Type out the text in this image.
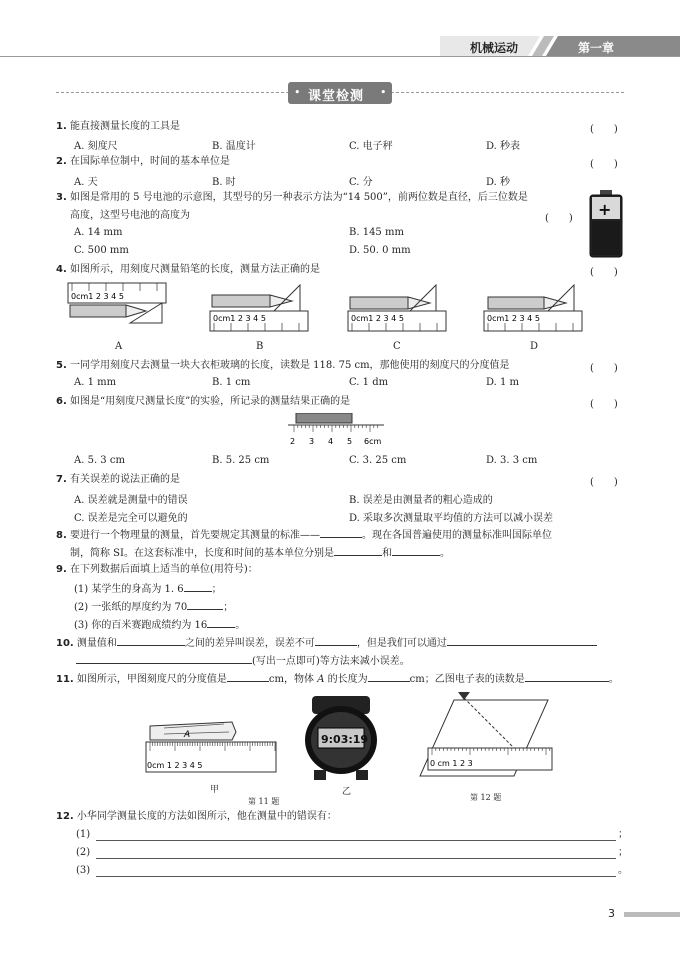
机械运动	第一章
课堂检测
•	•
1. 能直接测量长度的工具是	(　　)
A. 刻度尺	B. 温度计	C. 电子秤	D. 秒表
2. 在国际单位制中，时间的基本单位是	(　　)
A. 天	B. 时	C. 分	D. 秒
3. 如图是常用的 5 号电池的示意图，其型号的另一种表示方法为“14 500”，前两位数是直径，后三位数是
高度，这型号电池的高度为	(　　)
A. 14 mm	B. 145 mm
C. 500 mm	D. 50. 0 mm
+
4. 如图所示，用刻度尺测量铅笔的长度，测量方法正确的是	(　　)
0cm1 2 3 4 5
A
0cm1 2 3 4 5
B
0cm1 2 3 4 5
C
0cm1 2 3 4 5
D
5. 一同学用刻度尺去测量一块大衣柜玻璃的长度，读数是 118. 75 cm，那他使用的刻度尺的分度值是	(　　)
A. 1 mm	B. 1 cm	C. 1 dm	D. 1 m
6. 如图是“用刻度尺测量长度”的实验，所记录的测量结果正确的是	(　　)
2 3 4 5 6cm
A. 5. 3 cm	B. 5. 25 cm	C. 3. 25 cm	D. 3. 3 cm
7. 有关误差的说法正确的是	(　　)
A. 误差就是测量中的错误	B. 误差是由测量者的粗心造成的
C. 误差是完全可以避免的	D. 采取多次测量取平均值的方法可以减小误差
8. 要进行一个物理量的测量，首先要规定其测量的标准——	。现在各国普遍使用的测量标准叫国际单位
制，简称 SI。在这套标准中，长度和时间的基本单位分别是	和	。
9. 在下列数据后面填上适当的单位(用符号)：
(1) 某学生的身高为 1. 6	；
(2) 一张纸的厚度约为 70	；
(3) 你的百米赛跑成绩约为 16	。
10. 测量值和	之间的差异叫误差，误差不可	，但是我们可以通过
(写出一点即可)等方法来减小误差。
11. 如图所示，甲图刻度尺的分度值是	cm，物体 A 的长度为	cm；乙图电子表的读数是	。
A
0cm 1 2 3 4 5
甲
9:03:19
乙
第 11 题
0 cm 1 2 3
第 12 题
12. 小华同学测量长度的方法如图所示，他在测量中的错误有：
(1)	；
(2)	；
(3)	。
3
